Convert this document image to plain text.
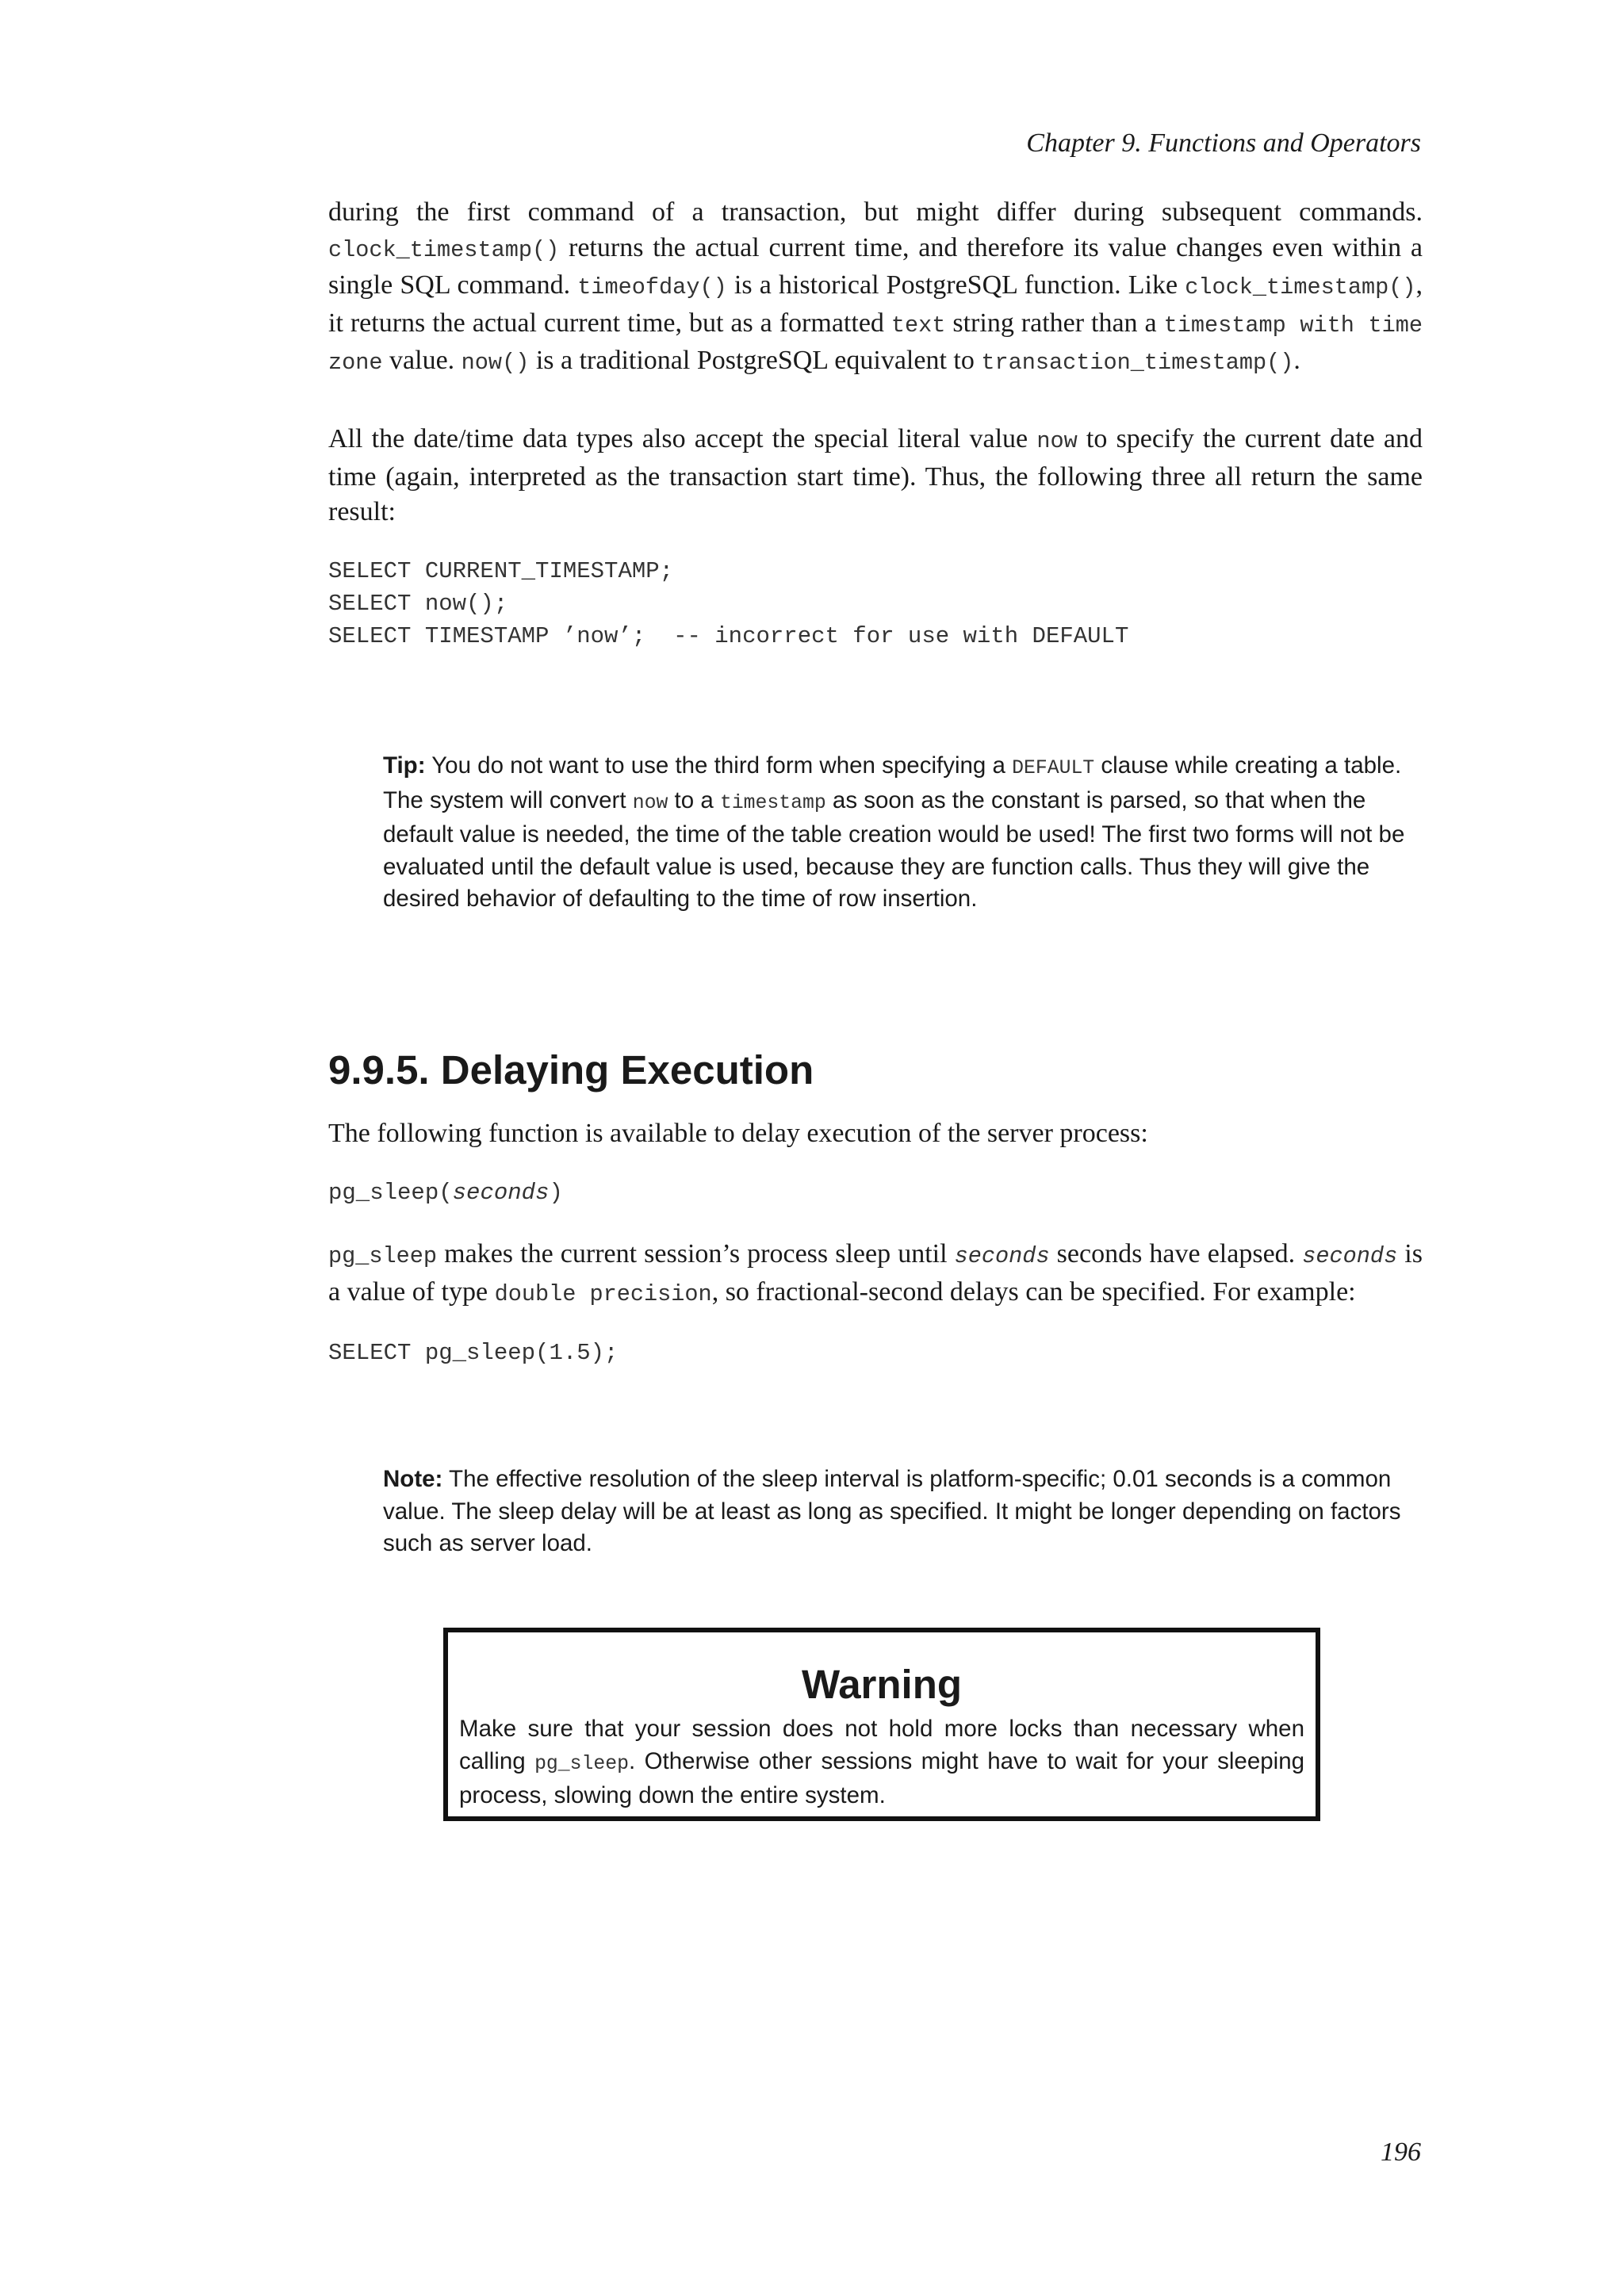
Chapter 9. Functions and Operators

during the first command of a transaction, but might differ during subsequent commands. clock_timestamp() returns the actual current time, and therefore its value changes even within a single SQL command. timeofday() is a historical PostgreSQL function. Like clock_timestamp(), it returns the actual current time, but as a formatted text string rather than a timestamp with time zone value. now() is a traditional PostgreSQL equivalent to transaction_timestamp().

All the date/time data types also accept the special literal value now to specify the current date and time (again, interpreted as the transaction start time). Thus, the following three all return the same result:

SELECT CURRENT_TIMESTAMP;
SELECT now();
SELECT TIMESTAMP ’now’;  -- incorrect for use with DEFAULT

Tip: You do not want to use the third form when specifying a DEFAULT clause while creating a table. The system will convert now to a timestamp as soon as the constant is parsed, so that when the default value is needed, the time of the table creation would be used! The first two forms will not be evaluated until the default value is used, because they are function calls. Thus they will give the desired behavior of defaulting to the time of row insertion.

9.9.5. Delaying Execution

The following function is available to delay execution of the server process:

pg_sleep(seconds)

pg_sleep makes the current session’s process sleep until seconds seconds have elapsed. seconds is a value of type double precision, so fractional-second delays can be specified. For example:

SELECT pg_sleep(1.5);

Note: The effective resolution of the sleep interval is platform-specific; 0.01 seconds is a common value. The sleep delay will be at least as long as specified. It might be longer depending on factors such as server load.

Warning

Make sure that your session does not hold more locks than necessary when calling pg_sleep. Otherwise other sessions might have to wait for your sleeping process, slowing down the entire system.

196
